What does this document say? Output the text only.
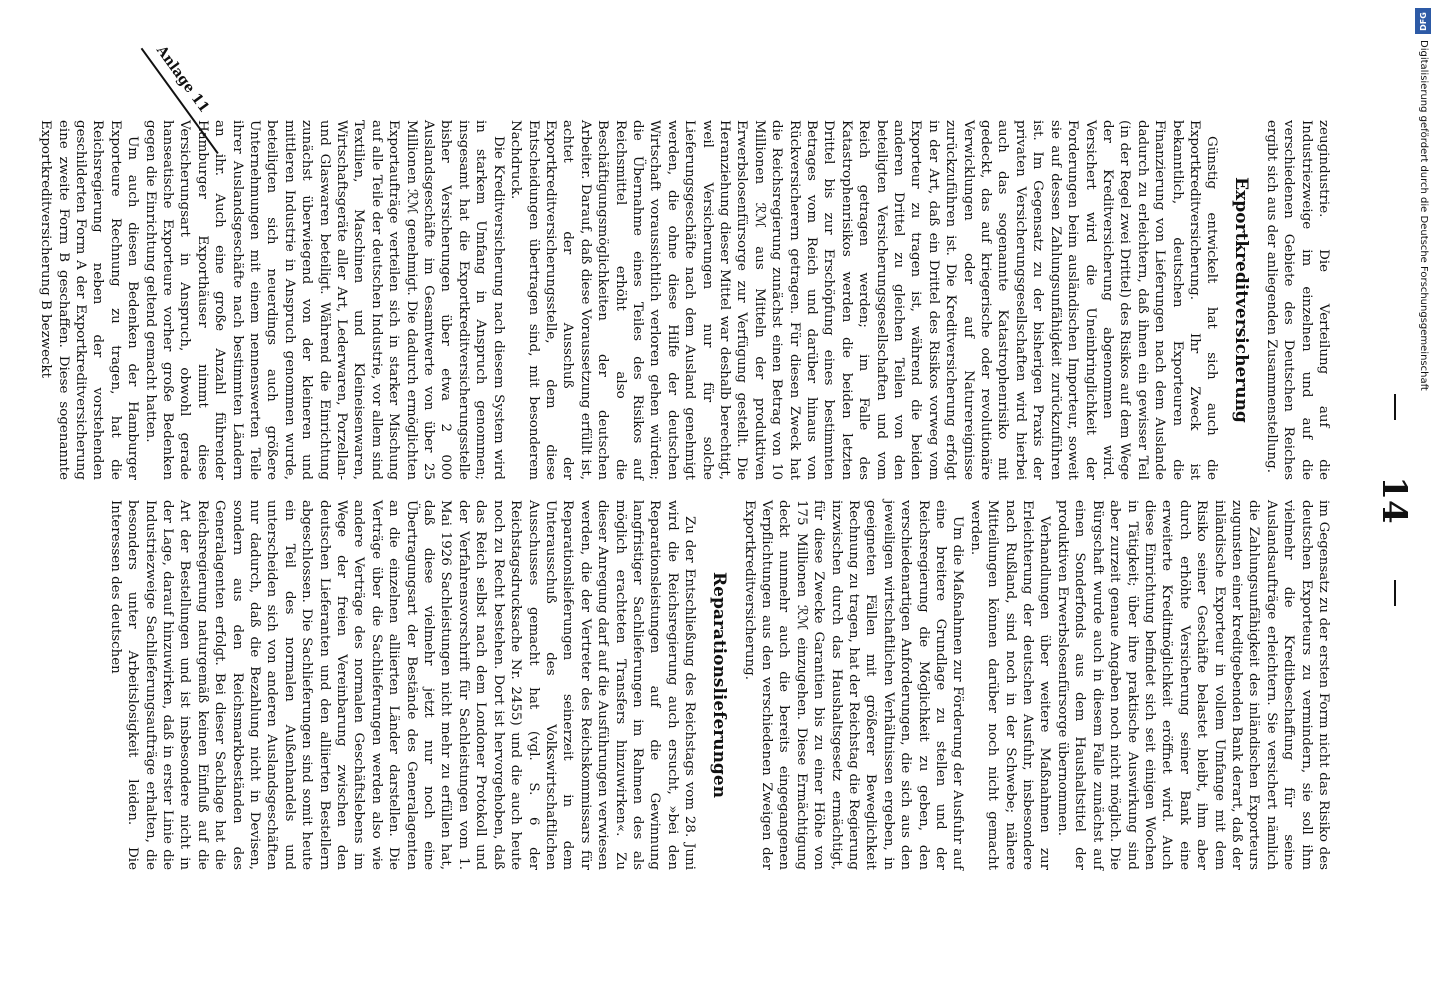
14

zeugindustrie. Die Verteilung auf die Industriezweige im einzelnen und auf die verschiedenen Gebiete des Deutschen Reiches ergibt sich aus der anliegenden Zusammenstellung.

Exportkreditversicherung

Günstig entwickelt hat sich auch die Exportkreditversicherung. Ihr Zweck ist bekanntlich, deutschen Exporteuren die Finanzierung von Lieferungen nach dem Auslande dadurch zu erleichtern, daß ihnen ein gewisser Teil (in der Regel zwei Drittel) des Risikos auf dem Wege der Kreditversicherung abgenommen wird. Versichert wird die Uneinbringlichkeit der Forderungen beim ausländischen Importeur, soweit sie auf dessen Zahlungsunfähigkeit zurückzuführen ist. Im Gegensatz zu der bisherigen Praxis der privaten Versicherungsgesellschaften wird hierbei auch das sogenannte Katastrophenrisiko mit gedeckt, das auf kriegerische oder revolutionäre Verwicklungen oder auf Naturereignisse zurückzuführen ist. Die Kreditversicherung erfolgt in der Art, daß ein Drittel des Risikos vorweg vom Exporteur zu tragen ist, während die beiden anderen Drittel zu gleichen Teilen von den beteiligten Versicherungsgesellschaften und vom Reich getragen werden; im Falle des Katastrophenrisikos werden die beiden letzten Drittel bis zur Erschöpfung eines bestimmten Betrages vom Reich und darüber hinaus von Rückversicherern getragen. Für diesen Zweck hat die Reichsregierung zunächst einen Betrag von 10 Millionen ℛℳ aus Mitteln der produktiven Erwerbslosenfürsorge zur Verfügung gestellt. Die Heranziehung dieser Mittel war deshalb berechtigt, weil Versicherungen nur für solche Lieferungsgeschäfte nach dem Ausland genehmigt werden, die ohne diese Hilfe der deutschen Wirtschaft voraussichtlich verloren gehen würden; die Übernahme eines Teiles des Risikos auf Reichsmittel erhöht also die Beschäftigungsmöglichkeiten der deutschen Arbeiter. Darauf, daß diese Voraussetzung erfüllt ist, achtet der Ausschuß der Exportkreditversicherungsstelle, dem diese Entscheidungen übertragen sind, mit besonderem Nachdruck.

Die Kreditversicherung nach diesem System wird in starkem Umfang in Anspruch genommen; insgesamt hat die Exportkreditversicherungsstelle bisher Versicherungen über etwa 2 000 Auslandsgeschäfte im Gesamtwerte von über 25 Millionen ℛℳ genehmigt. Die dadurch ermöglichten Exportaufträge verteilen sich in starker Mischung auf alle Teile der deutschen Industrie, vor allem sind Textilien, Maschinen und Kleineisenwaren, Wirtschaftsgeräte aller Art, Lederwaren, Porzellan- und Glaswaren beteiligt. Während die Einrichtung zunächst überwiegend von der kleineren und mittleren Industrie in Anspruch genommen wurde, beteiligten sich neuerdings auch größere Unternehmungen mit einem nennenswerten Teile ihrer Auslandsgeschäfte nach bestimmten Ländern an ihr. Auch eine große Anzahl führender Hamburger Exporthäuser nimmt diese Versicherungsart in Anspruch, obwohl gerade hanseatische Exporteure vorher große Bedenken gegen die Einrichtung geltend gemacht hatten.

Um auch diesen Bedenken der Hamburger Exporteure Rechnung zu tragen, hat die Reichsregierung neben der vorstehenden geschilderten Form A der Exportkreditversicherung eine zweite Form B geschaffen. Diese sogenannte Exportkreditversicherung B bezweckt

im Gegensatz zu der ersten Form nicht das Risiko des deutschen Exporteurs zu vermindern, sie soll ihm vielmehr die Kreditbeschaffung für seine Auslandsaufträge erleichtern. Sie versichert nämlich die Zahlungsunfähigkeit des inländischen Exporteurs zugunsten einer kreditgebenden Bank derart, daß der inländische Exporteur in vollem Umfange mit dem Risiko seiner Geschäfte belastet bleibt, ihm aber durch erhöhte Versicherung seiner Bank eine erweiterte Kreditmöglichkeit eröffnet wird. Auch diese Einrichtung befindet sich seit einigen Wochen in Tätigkeit; über ihre praktische Auswirkung sind aber zurzeit genaue Angaben noch nicht möglich. Die Bürgschaft wurde auch in diesem Falle zunächst auf einen Sonderfonds aus dem Haushaltstitel der produktiven Erwerbslosenfürsorge übernommen.

Verhandlungen über weitere Maßnahmen zur Erleichterung der deutschen Ausfuhr, insbesondere nach Rußland, sind noch in der Schwebe; nähere Mitteilungen können darüber noch nicht gemacht werden.

Um die Maßnahmen zur Förderung der Ausfuhr auf eine breitere Grundlage zu stellen und der Reichsregierung die Möglichkeit zu geben, den verschiedenartigen Anforderungen, die sich aus den jeweiligen wirtschaftlichen Verhältnissen ergeben, in geeigneten Fällen mit größerer Beweglichkeit Rechnung zu tragen, hat der Reichstag die Regierung inzwischen durch das Haushaltsgesetz ermächtigt, für diese Zwecke Garantien bis zu einer Höhe von 175 Millionen ℛℳ einzugehen. Diese Ermächtigung deckt nunmehr auch die bereits eingegangenen Verpflichtungen aus den verschiedenen Zweigen der Exportkreditversicherung.

Reparationslieferungen

Zu der Entschließung des Reichstags vom 28. Juni wird die Reichsregierung auch ersucht, »bei den Reparationsleistungen auf die Gewinnung langfristiger Sachlieferungen im Rahmen des als möglich erachteten Transfers hinzuwirken«. Zu dieser Anregung darf auf die Ausführungen verwiesen werden, die der Vertreter des Reichskommissars für Reparationslieferungen seinerzeit in dem Unterausschuß des Volkswirtschaftlichen Ausschusses gemacht hat (vgl. S. 6 der Reichstagsdrucksache Nr. 2455) und die auch heute noch zu Recht bestehen. Dort ist hervorgehoben, daß das Reich selbst nach dem Londoner Protokoll und der Verfahrensvorschrift für Sachleistungen vom 1. Mai 1926 Sachleistungen nicht mehr zu erfüllen hat, daß diese vielmehr jetzt nur noch eine Übertragungsart der Bestände des Generalagenten an die einzelnen alliierten Länder darstellen. Die Verträge über die Sachlieferungen werden also wie andere Verträge des normalen Geschäftslebens im Wege der freien Vereinbarung zwischen den deutschen Lieferanten und den alliierten Bestellern abgeschlossen. Die Sachlieferungen sind somit heute ein Teil des normalen Außenhandels und unterscheiden sich von anderen Auslandsgeschäften nur dadurch, daß die Bezahlung nicht in Devisen, sondern aus den Reichsmarkbeständen des Generalagenten erfolgt. Bei dieser Sachlage hat die Reichsregierung naturgemäß keinen Einfluß auf die Art der Bestellungen und ist insbesondere nicht in der Lage, darauf hinzuwirken, daß in erster Linie die Industriezweige Sachlieferungsaufträge erhalten, die besonders unter Arbeitslosigkeit leiden. Die Interessen des deutschen

Anlage 11
DFG
Digitalisierung gefördert durch die Deutsche Forschungsgemeinschaft
